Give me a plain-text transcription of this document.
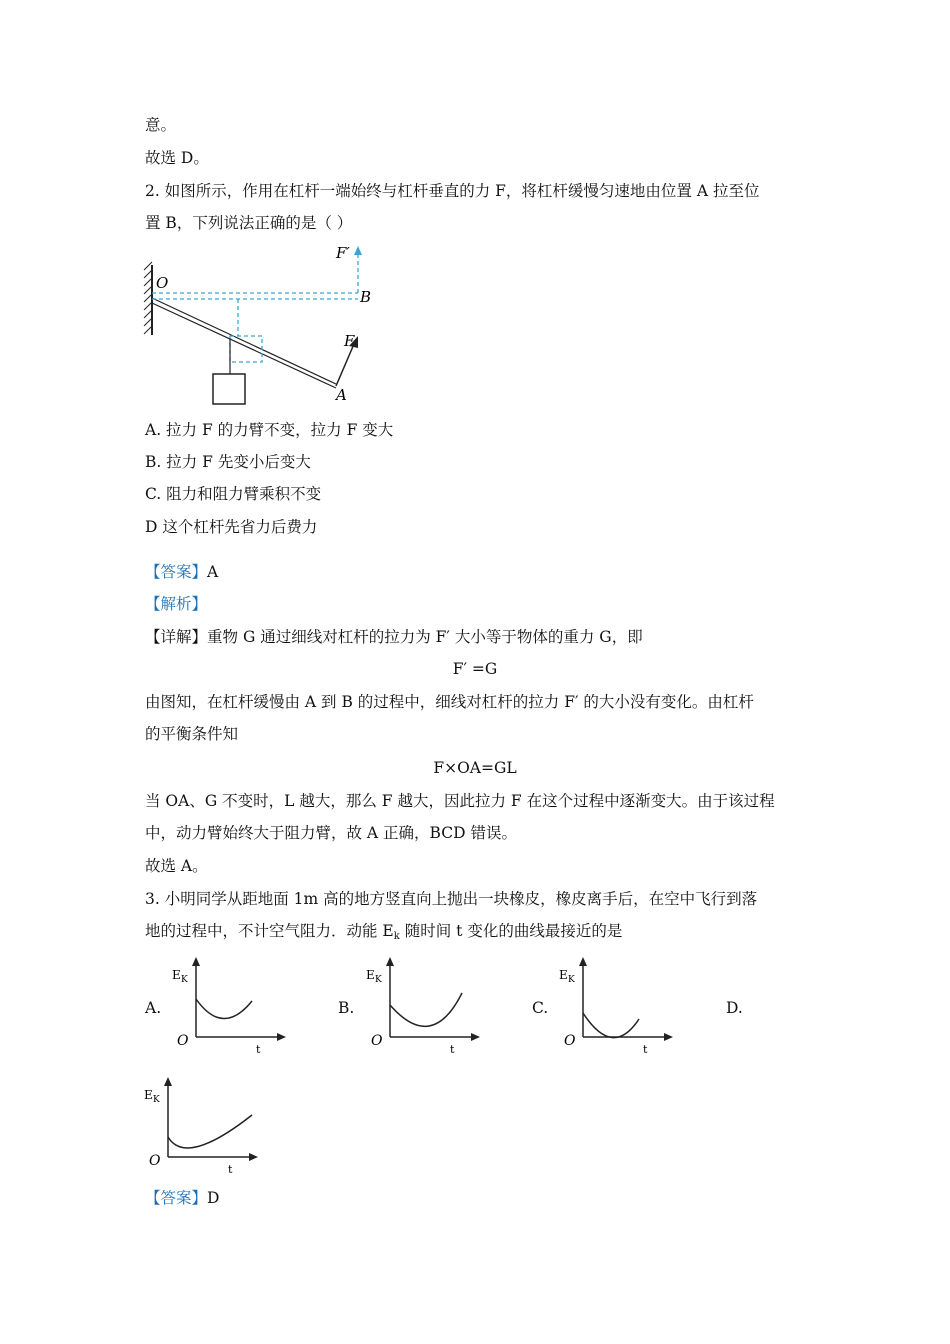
意。
故选 D。
2. 如图所示，作用在杠杆一端始终与杠杆垂直的力 F，将杠杆缓慢匀速地由位置 A 拉至位
置 B，下列说法正确的是（ ）
O
B
A
F
F′
A. 拉力 F 的力臂不变，拉力 F 变大
B. 拉力 F 先变小后变大
C. 阻力和阻力臂乘积不变
D 这个杠杆先省力后费力
【答案】A
【解析】
【详解】重物 G 通过细线对杠杆的拉力为 F′ 大小等于物体的重力 G，即
F′ =G
由图知，在杠杆缓慢由 A 到 B 的过程中，细线对杠杆的拉力 F′ 的大小没有变化。由杠杆
的平衡条件知
F×OA=GL
当 OA、G 不变时，L 越大，那么 F 越大，因此拉力 F 在这个过程中逐渐变大。由于该过程
中，动力臂始终大于阻力臂，故 A 正确，BCD 错误。
故选 A。
3. 小明同学从距地面 1m 高的地方竖直向上抛出一块橡皮，橡皮离手后，在空中飞行到落
地的过程中，不计空气阻力．动能 $E_k$ 随时间 t 变化的曲线最接近的是
A.	B.	C.	D.
E K
O
t
E K
O
t
E K
O
t
E K
O
t
【答案】D
